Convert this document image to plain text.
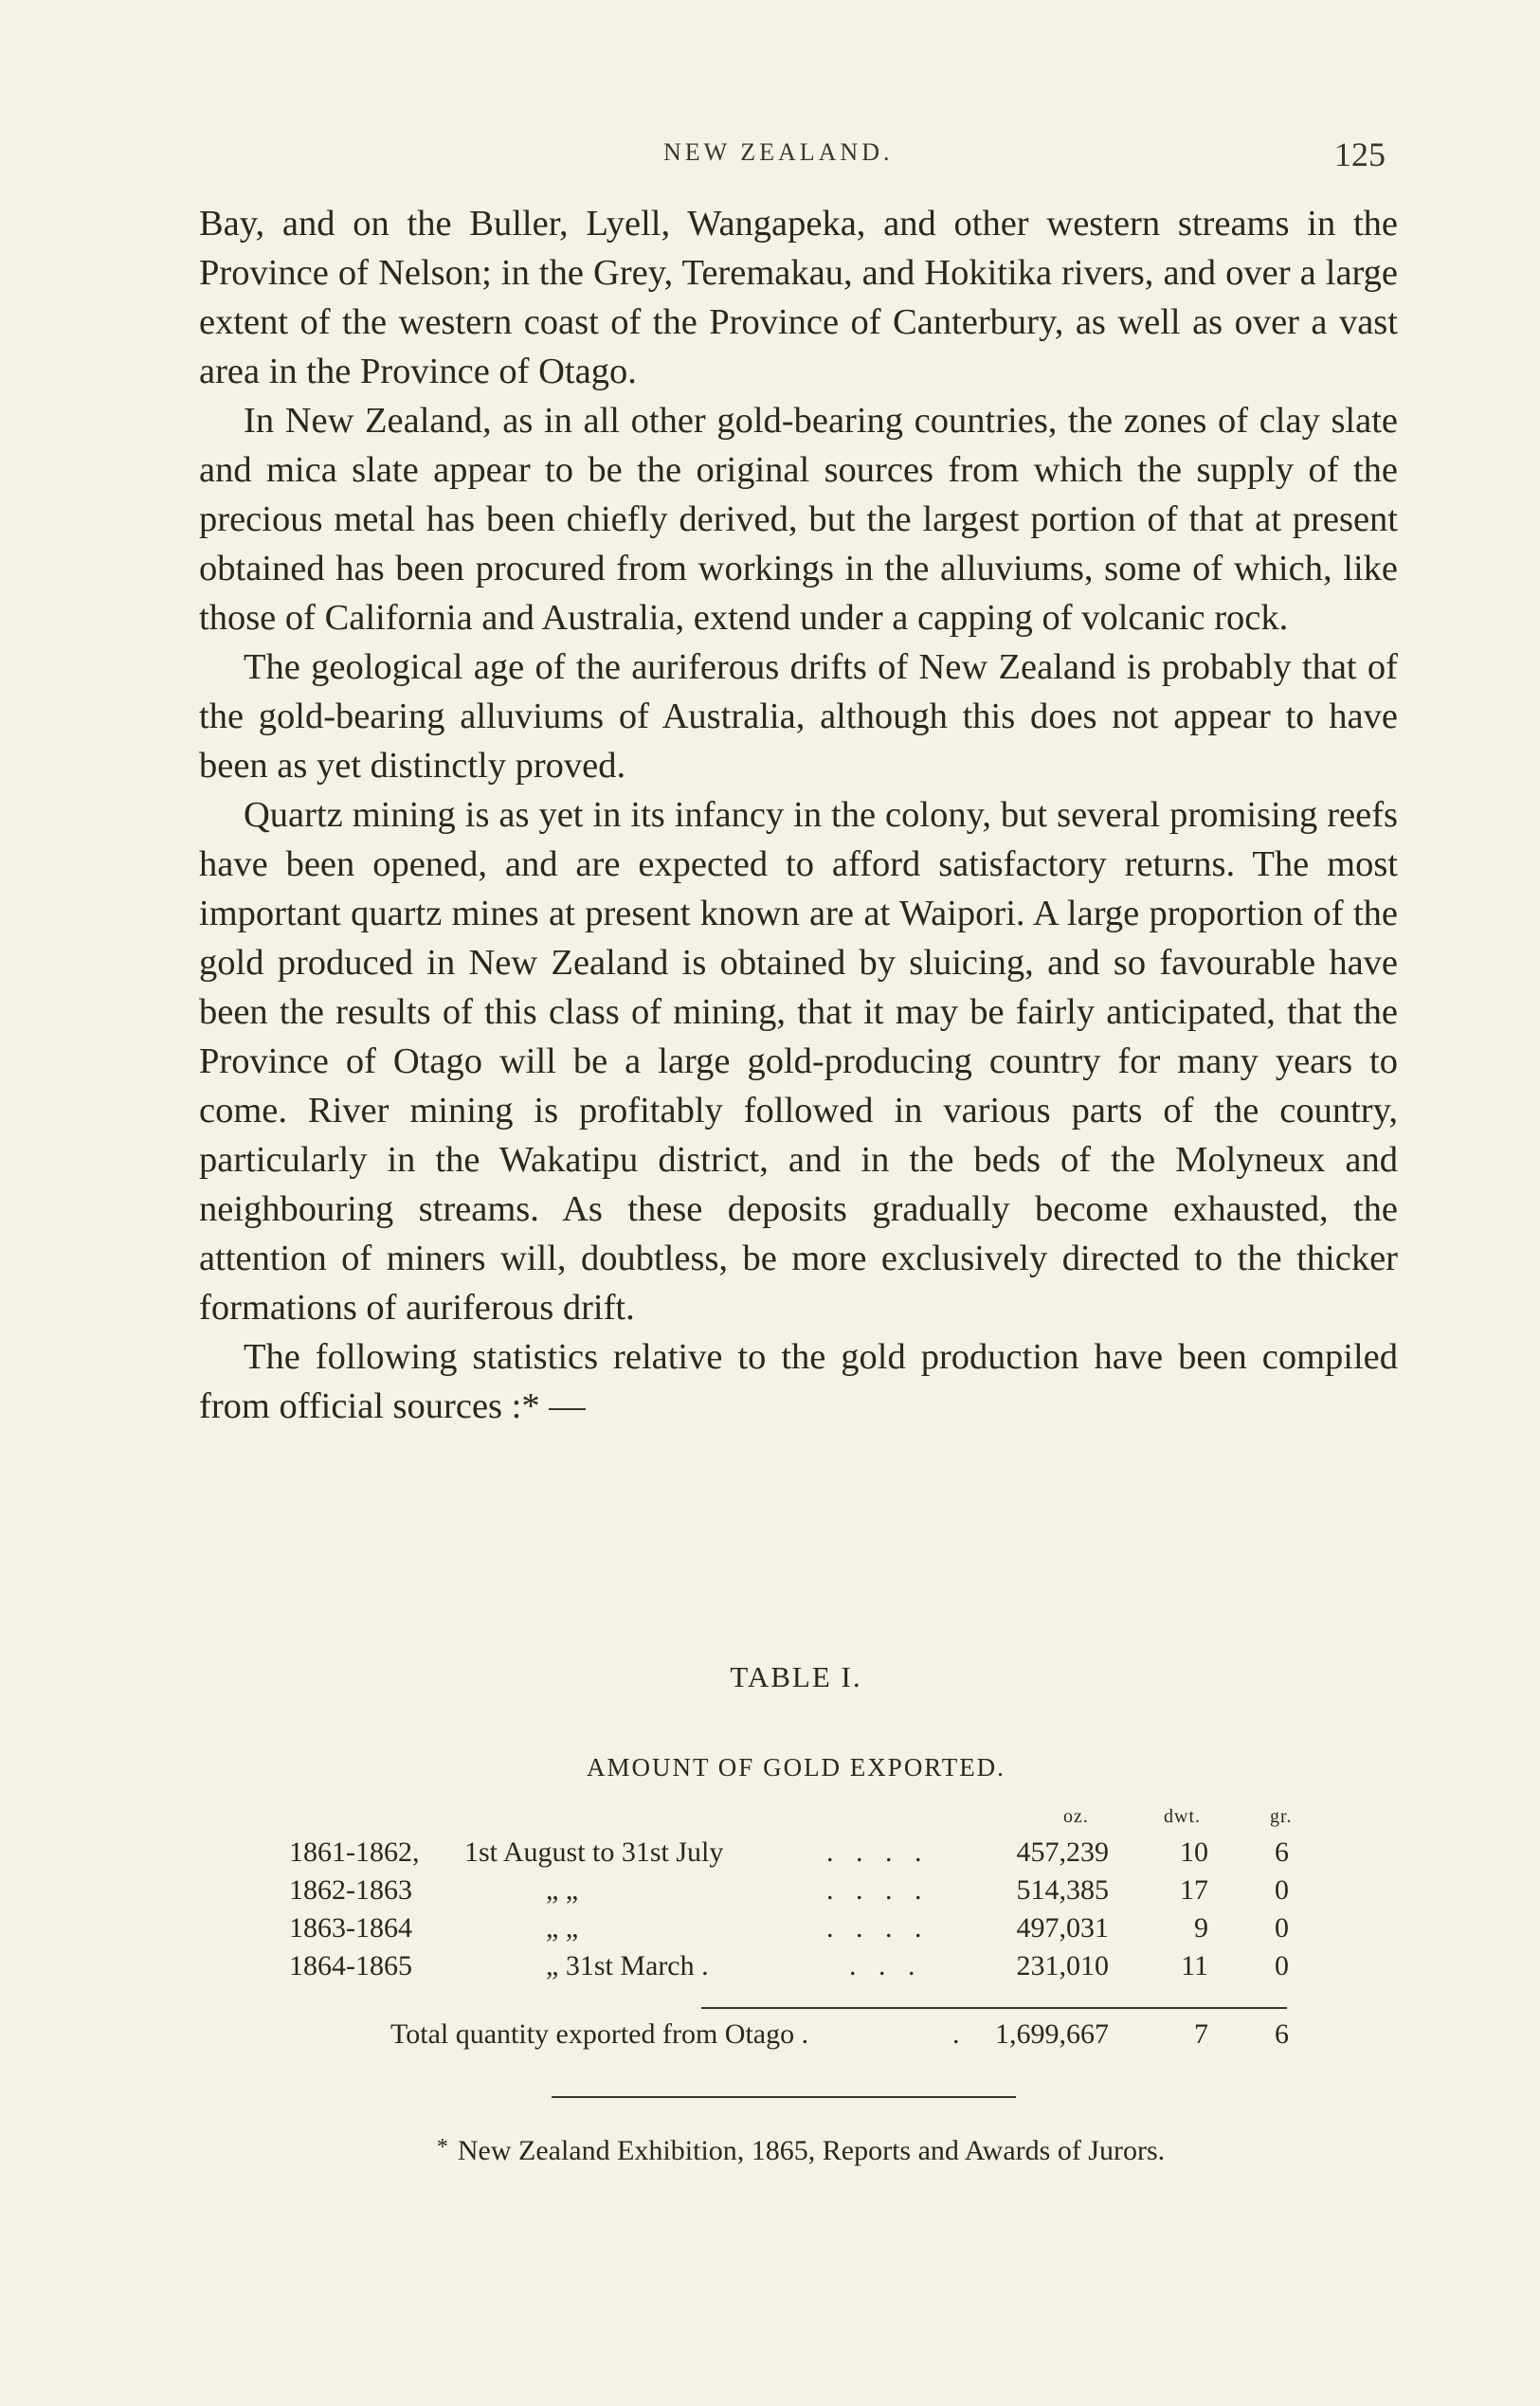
NEW ZEALAND.	125

Bay, and on the Buller, Lyell, Wangapeka, and other western streams in the Province of Nelson; in the Grey, Teremakau, and Hokitika rivers, and over a large extent of the western coast of the Province of Canterbury, as well as over a vast area in the Province of Otago.

In New Zealand, as in all other gold-bearing countries, the zones of clay slate and mica slate appear to be the original sources from which the supply of the precious metal has been chiefly derived, but the largest portion of that at present obtained has been procured from workings in the alluviums, some of which, like those of California and Australia, extend under a capping of volcanic rock.

The geological age of the auriferous drifts of New Zealand is probably that of the gold-bearing alluviums of Australia, although this does not appear to have been as yet distinctly proved.

Quartz mining is as yet in its infancy in the colony, but several promising reefs have been opened, and are expected to afford satisfactory returns. The most important quartz mines at present known are at Waipori. A large proportion of the gold produced in New Zealand is obtained by sluicing, and so favourable have been the results of this class of mining, that it may be fairly anticipated, that the Province of Otago will be a large gold-producing country for many years to come. River mining is profitably followed in various parts of the country, particularly in the Wakatipu district, and in the beds of the Molyneux and neighbouring streams. As these deposits gradually become exhausted, the attention of miners will, doubtless, be more exclusively directed to the thicker formations of auriferous drift.

The following statistics relative to the gold production have been compiled from official sources :* —

TABLE I.
AMOUNT OF GOLD EXPORTED.
oz.	dwt.	gr.
1861-1862, 1st August to 31st July	. . . .	457,239	10	6
1862-1863	„ „	. . . .	514,385	17	0
1863-1864	„ „	. . . .	497,031	9	0
1864-1865	„ 31st March .	. . .	231,010	11	0
Total quantity exported from Otago .	.	1,699,667	7	6
* New Zealand Exhibition, 1865, Reports and Awards of Jurors.
